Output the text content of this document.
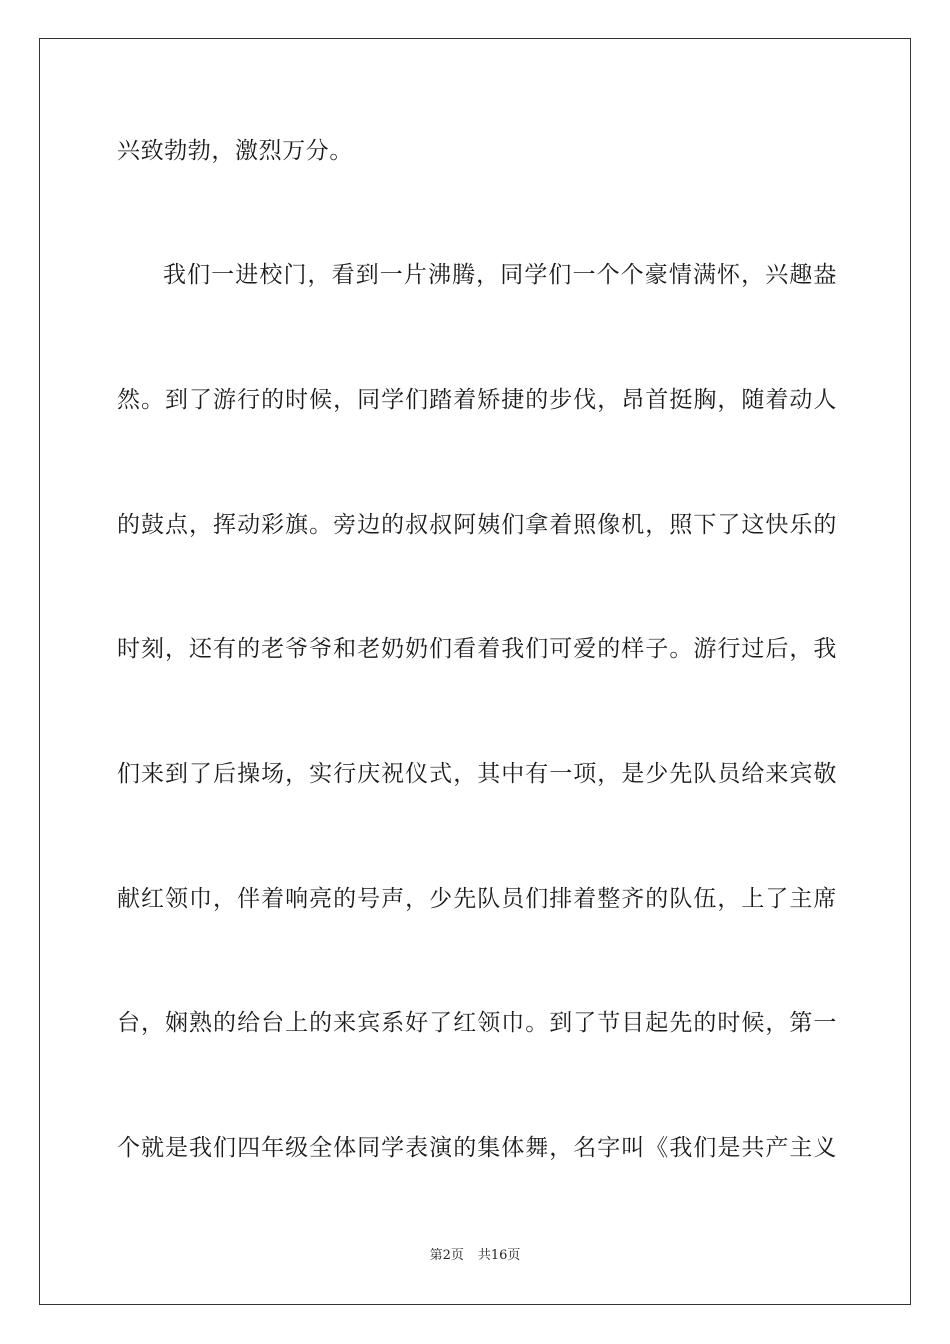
兴致勃勃，激烈万分。
我们一进校门，看到一片沸腾，同学们一个个豪情满怀，兴趣盎
然。到了游行的时候，同学们踏着矫捷的步伐，昂首挺胸，随着动人
的鼓点，挥动彩旗。旁边的叔叔阿姨们拿着照像机，照下了这快乐的
时刻，还有的老爷爷和老奶奶们看着我们可爱的样子。游行过后，我
们来到了后操场，实行庆祝仪式，其中有一项，是少先队员给来宾敬
献红领巾，伴着响亮的号声，少先队员们排着整齐的队伍，上了主席
台，娴熟的给台上的来宾系好了红领巾。到了节目起先的时候，第一
个就是我们四年级全体同学表演的集体舞，名字叫《我们是共产主义
第2页 共16页
